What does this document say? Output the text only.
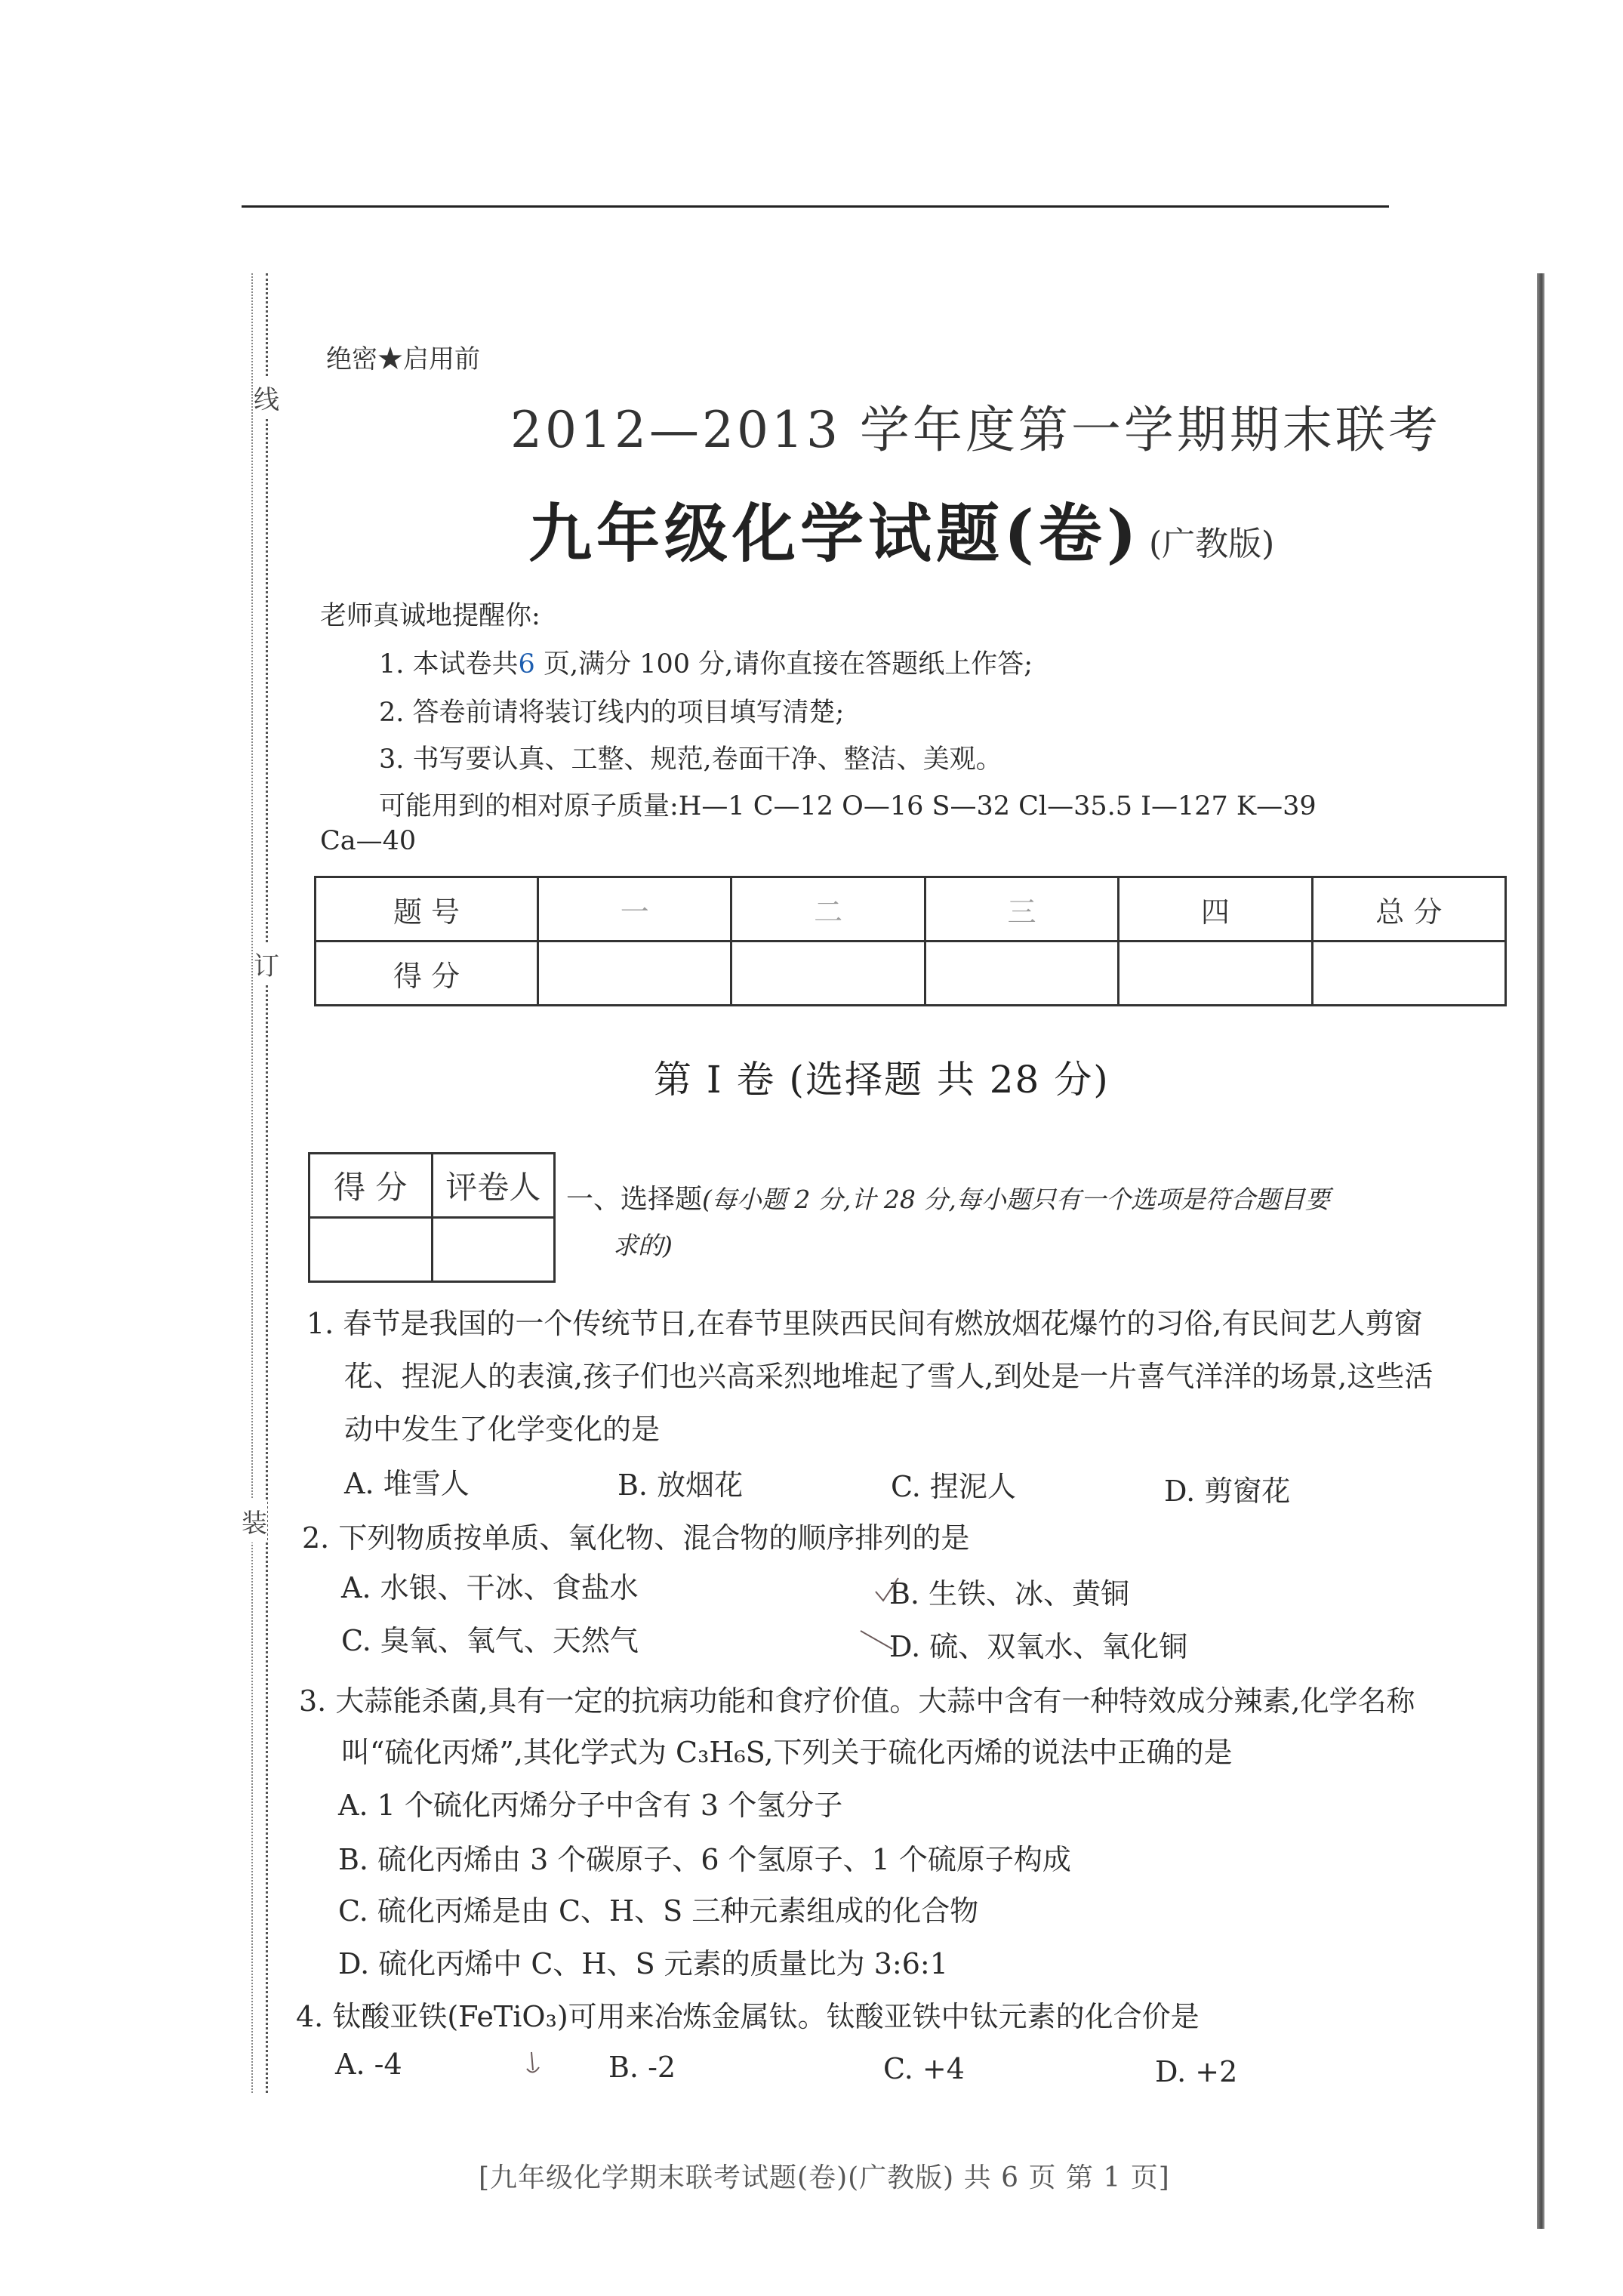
线
订
装
绝密★启用前
2012—2013 学年度第一学期期末联考
九年级化学试题(卷) (广教版)
老师真诚地提醒你:
1. 本试卷共6 页,满分 100 分,请你直接在答题纸上作答;
2. 答卷前请将装订线内的项目填写清楚;
3. 书写要认真、工整、规范,卷面干净、整洁、美观。
可能用到的相对原子质量:H—1 C—12 O—16 S—32 Cl—35.5 I—127 K—39
Ca—40
题 号	一	二	三	四	总 分
得 分					
第 I 卷 (选择题 共 28 分)
得 分	评卷人
	一、选择题(每小题 2 分,计 28 分,每小题只有一个选项是符合题目要
求的)
1. 春节是我国的一个传统节日,在春节里陕西民间有燃放烟花爆竹的习俗,有民间艺人剪窗
花、捏泥人的表演,孩子们也兴高采烈地堆起了雪人,到处是一片喜气洋洋的场景,这些活
动中发生了化学变化的是
A. 堆雪人	B. 放烟花	C. 捏泥人	D. 剪窗花
2. 下列物质按单质、氧化物、混合物的顺序排列的是
A. 水银、干冰、食盐水	B. 生铁、冰、黄铜
C. 臭氧、氧气、天然气	D. 硫、双氧水、氧化铜
3. 大蒜能杀菌,具有一定的抗病功能和食疗价值。大蒜中含有一种特效成分辣素,化学名称
叫“硫化丙烯”,其化学式为 C₃H₆S,下列关于硫化丙烯的说法中正确的是
A. 1 个硫化丙烯分子中含有 3 个氢分子
B. 硫化丙烯由 3 个碳原子、6 个氢原子、1 个硫原子构成
C. 硫化丙烯是由 C、H、S 三种元素组成的化合物
D. 硫化丙烯中 C、H、S 元素的质量比为 3:6:1
4. 钛酸亚铁(FeTiO₃)可用来冶炼金属钛。钛酸亚铁中钛元素的化合价是
A. -4	B. -2	C. +4	D. +2
[九年级化学期末联考试题(卷)(广教版) 共 6 页 第 1 页]
